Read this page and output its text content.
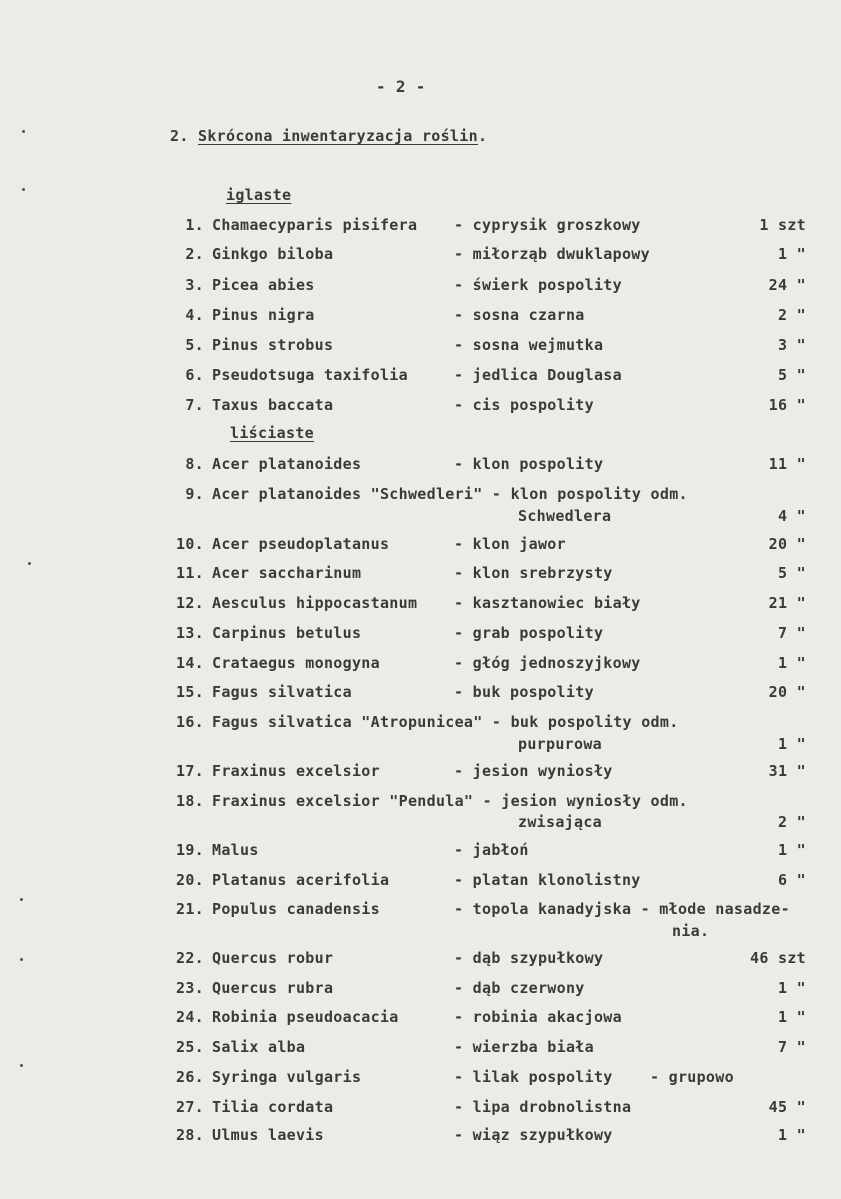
- 2 -
2. Skrócona inwentaryzacja roślin.
iglaste
liściaste
1. Chamaecyparis pisifera - cyprysik groszkowy	1 szt
2. Ginkgo biloba	- miłorząb dwuklapowy	1 "
3. Picea abies	- świerk pospolity	24 "
4. Pinus nigra	- sosna czarna	2 "
5. Pinus strobus	- sosna wejmutka	3 "
6. Pseudotsuga taxifolia	- jedlica Douglasa	5 "
7. Taxus baccata	- cis pospolity	16 "
8. Acer platanoides	- klon pospolity	11 "
9. Acer platanoides "Schwedleri" - klon pospolity odm.
Schwedlera	4 "
10. Acer pseudoplatanus	- klon jawor	20 "
11. Acer saccharinum	- klon srebrzysty	5 "
12. Aesculus hippocastanum - kasztanowiec biały	21 "
13. Carpinus betulus	- grab pospolity	7 "
14. Crataegus monogyna	- głóg jednoszyjkowy	1 "
15. Fagus silvatica	- buk pospolity	20 "
16. Fagus silvatica "Atropunicea" - buk pospolity odm.
purpurowa	1 "
17. Fraxinus excelsior	- jesion wyniosły	31 "
18. Fraxinus excelsior "Pendula" - jesion wyniosły odm.
zwisająca	2 "
19. Malus	- jabłoń	1 "
20. Platanus acerifolia	- platan klonolistny	6 "
21. Populus canadensis	- topola kanadyjska - młode nasadze-
nia.
22. Quercus robur	- dąb szypułkowy	46 szt
23. Quercus rubra	- dąb czerwony	1 "
24. Robinia pseudoacacia	- robinia akacjowa	1 "
25. Salix alba	- wierzba biała	7 "
26. Syringa vulgaris	- lilak pospolity    - grupowo
27. Tilia cordata	- lipa drobnolistna	45 "
28. Ulmus laevis	- wiąz szypułkowy	1 "
